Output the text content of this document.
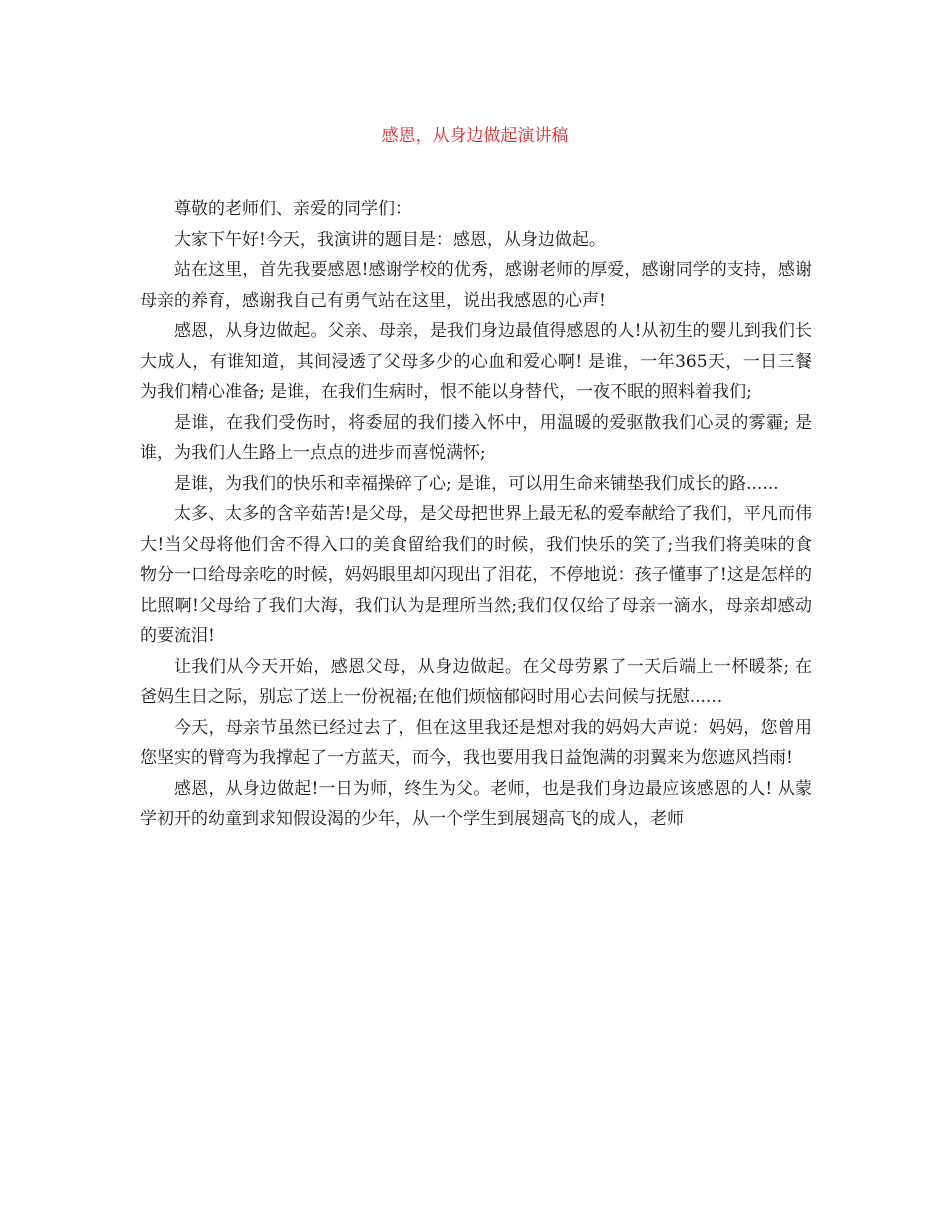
感恩，从身边做起演讲稿

尊敬的老师们、亲爱的同学们：

大家下午好!今天，我演讲的题目是：感恩，从身边做起。

站在这里，首先我要感恩!感谢学校的优秀，感谢老师的厚爱，感谢同学的支持，感谢母亲的养育，感谢我自己有勇气站在这里，说出我感恩的心声!

感恩，从身边做起。父亲、母亲，是我们身边最值得感恩的人!从初生的婴儿到我们长大成人，有谁知道，其间浸透了父母多少的心血和爱心啊! 是谁，一年365天，一日三餐为我们精心准备; 是谁，在我们生病时，恨不能以身替代，一夜不眠的照料着我们;

是谁，在我们受伤时，将委屈的我们搂入怀中，用温暖的爱驱散我们心灵的雾霾; 是谁，为我们人生路上一点点的进步而喜悦满怀;

是谁，为我们的快乐和幸福操碎了心; 是谁，可以用生命来铺垫我们成长的路......

太多、太多的含辛茹苦!是父母，是父母把世界上最无私的爱奉献给了我们，平凡而伟大!当父母将他们舍不得入口的美食留给我们的时候，我们快乐的笑了;当我们将美味的食物分一口给母亲吃的时候，妈妈眼里却闪现出了泪花，不停地说：孩子懂事了!这是怎样的比照啊!父母给了我们大海，我们认为是理所当然;我们仅仅给了母亲一滴水，母亲却感动的要流泪!

让我们从今天开始，感恩父母，从身边做起。在父母劳累了一天后端上一杯暖茶; 在爸妈生日之际，别忘了送上一份祝福;在他们烦恼郁闷时用心去问候与抚慰......

今天，母亲节虽然已经过去了，但在这里我还是想对我的妈妈大声说：妈妈，您曾用您坚实的臂弯为我撑起了一方蓝天，而今，我也要用我日益饱满的羽翼来为您遮风挡雨!

感恩，从身边做起!一日为师，终生为父。老师，也是我们身边最应该感恩的人! 从蒙学初开的幼童到求知假设渴的少年，从一个学生到展翅高飞的成人，老师
